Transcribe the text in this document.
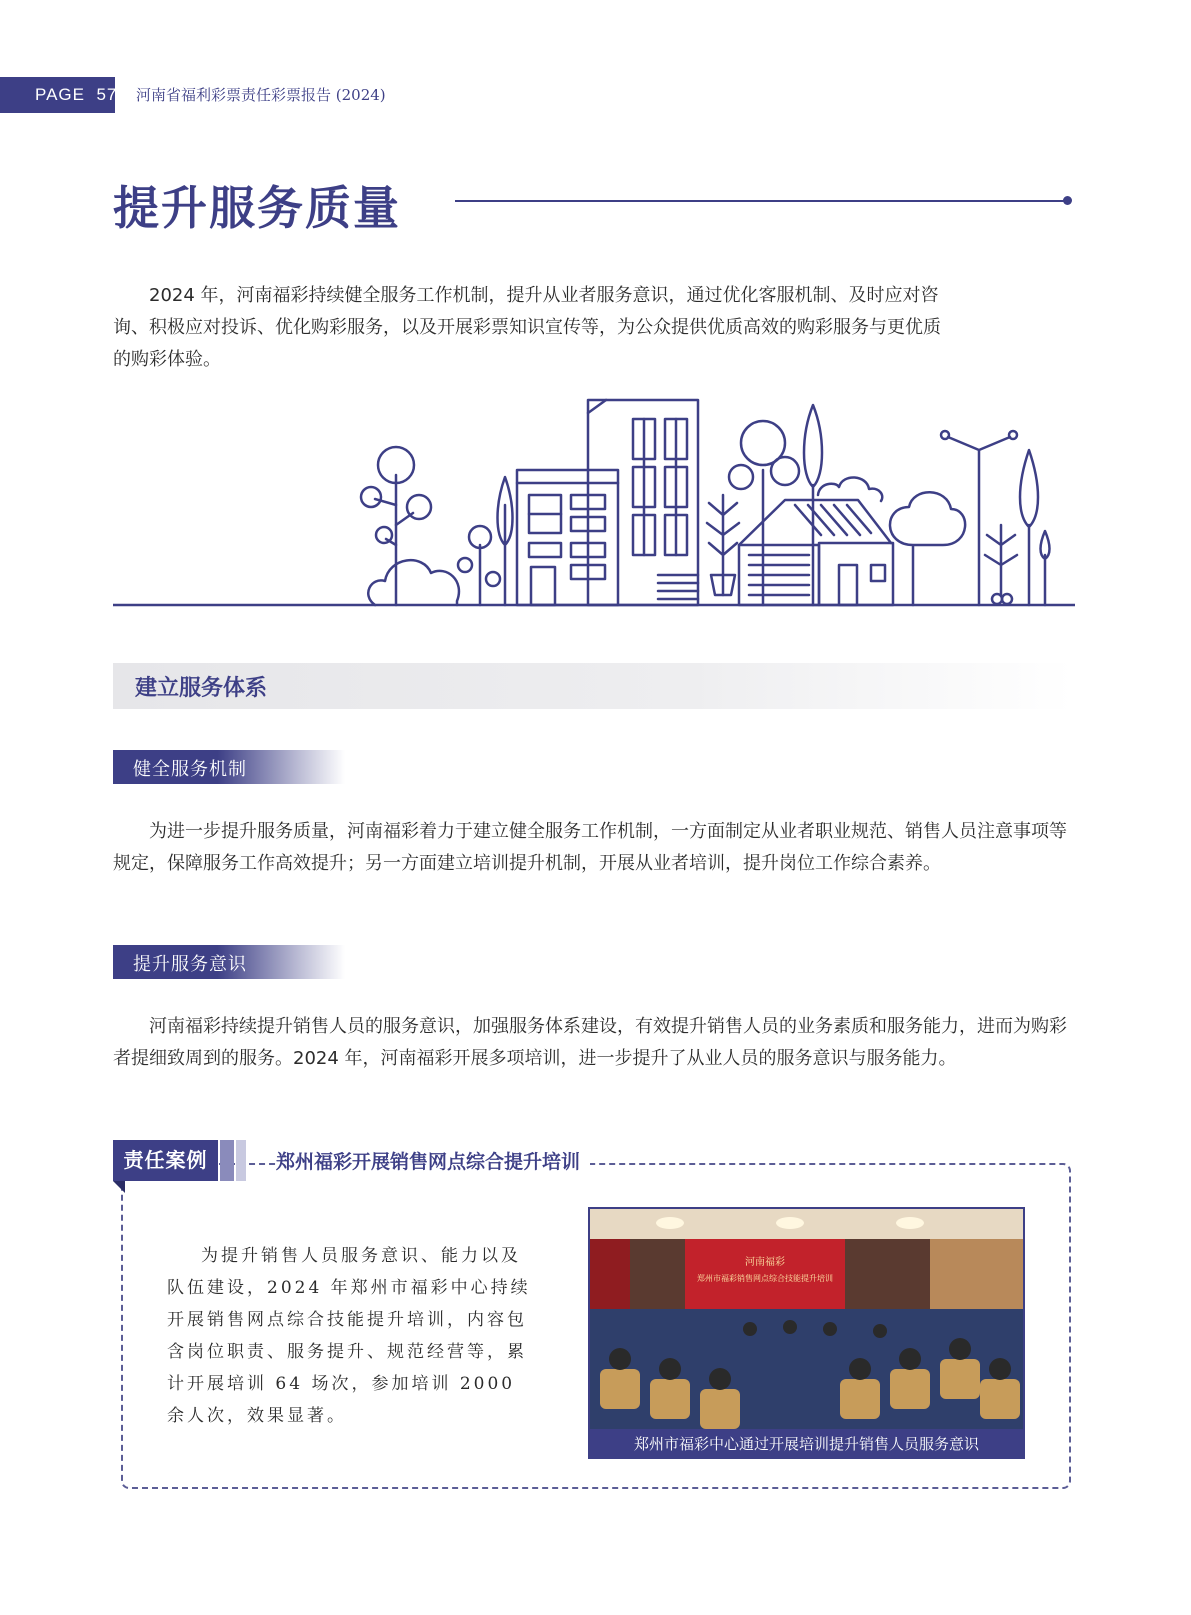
PAGE 57 河南省福利彩票责任彩票报告 (2024)
提升服务质量

2024 年，河南福彩持续健全服务工作机制，提升从业者服务意识，通过优化客服机制、及时应对咨询、积极应对投诉、优化购彩服务，以及开展彩票知识宣传等，为公众提供优质高效的购彩服务与更优质的购彩体验。

建立服务体系
健全服务机制

为进一步提升服务质量，河南福彩着力于建立健全服务工作机制，一方面制定从业者职业规范、销售人员注意事项等规定，保障服务工作高效提升；另一方面建立培训提升机制，开展从业者培训，提升岗位工作综合素养。

提升服务意识

河南福彩持续提升销售人员的服务意识，加强服务体系建设，有效提升销售人员的业务素质和服务能力，进而为购彩者提细致周到的服务。2024 年，河南福彩开展多项培训，进一步提升了从业人员的服务意识与服务能力。

责任案例	郑州福彩开展销售网点综合提升培训

为提升销售人员服务意识、能力以及队伍建设，2024 年郑州市福彩中心持续开展销售网点综合技能提升培训，内容包含岗位职责、服务提升、规范经营等，累计开展培训 64 场次，参加培训 2000 余人次，效果显著。

河南福彩
郑州市福彩销售网点综合技能提升培训
郑州市福彩中心通过开展培训提升销售人员服务意识
